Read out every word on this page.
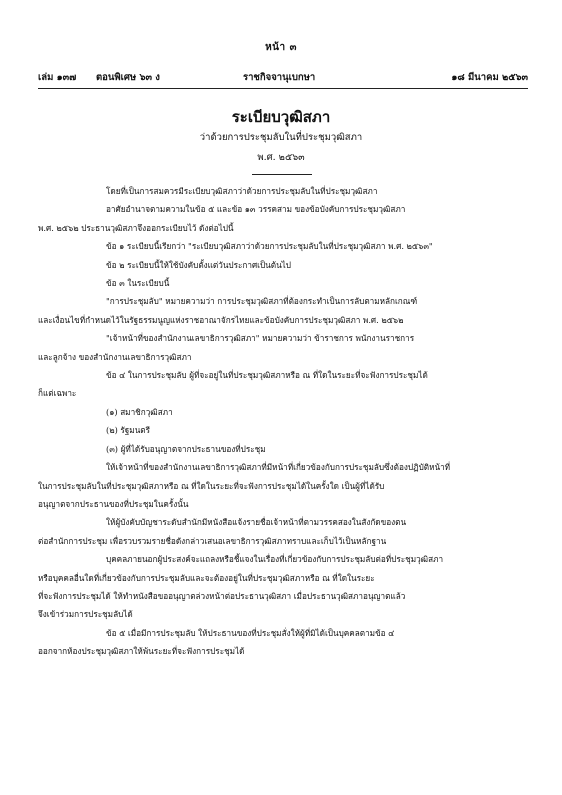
หน้า ๓
เล่ม ๑๓๗ ตอนพิเศษ ๖๓ ง	ราชกิจจานุเบกษา	๑๘ มีนาคม ๒๕๖๓
ระเบียบวุฒิสภา
ว่าด้วยการประชุมลับในที่ประชุมวุฒิสภา
พ.ศ. ๒๕๖๓
โดยที่เป็นการสมควรมีระเบียบวุฒิสภาว่าด้วยการประชุมลับในที่ประชุมวุฒิสภา
อาศัยอำนาจตามความในข้อ ๕ และข้อ ๑๓ วรรคสาม ของข้อบังคับการประชุมวุฒิสภา
พ.ศ. ๒๕๖๒ ประธานวุฒิสภาจึงออกระเบียบไว้ ดังต่อไปนี้
ข้อ ๑ ระเบียบนี้เรียกว่า "ระเบียบวุฒิสภาว่าด้วยการประชุมลับในที่ประชุมวุฒิสภา พ.ศ. ๒๕๖๓"
ข้อ ๒ ระเบียบนี้ให้ใช้บังคับตั้งแต่วันประกาศเป็นต้นไป
ข้อ ๓ ในระเบียบนี้
"การประชุมลับ" หมายความว่า การประชุมวุฒิสภาที่ต้องกระทำเป็นการลับตามหลักเกณฑ์
และเงื่อนไขที่กำหนดไว้ในรัฐธรรมนูญแห่งราชอาณาจักรไทยและข้อบังคับการประชุมวุฒิสภา พ.ศ. ๒๕๖๒
"เจ้าหน้าที่ของสำนักงานเลขาธิการวุฒิสภา" หมายความว่า ข้าราชการ พนักงานราชการ
และลูกจ้าง ของสำนักงานเลขาธิการวุฒิสภา
ข้อ ๔ ในการประชุมลับ ผู้ที่จะอยู่ในที่ประชุมวุฒิสภาหรือ ณ ที่ใดในระยะที่จะฟังการประชุมได้
ก็แต่เฉพาะ
(๑) สมาชิกวุฒิสภา
(๒) รัฐมนตรี
(๓) ผู้ที่ได้รับอนุญาตจากประธานของที่ประชุม
ให้เจ้าหน้าที่ของสำนักงานเลขาธิการวุฒิสภาที่มีหน้าที่เกี่ยวข้องกับการประชุมลับซึ่งต้องปฏิบัติหน้าที่
ในการประชุมลับในที่ประชุมวุฒิสภาหรือ ณ ที่ใดในระยะที่จะฟังการประชุมได้ในครั้งใด เป็นผู้ที่ได้รับ
อนุญาตจากประธานของที่ประชุมในครั้งนั้น
ให้ผู้บังคับบัญชาระดับสำนักมีหนังสือแจ้งรายชื่อเจ้าหน้าที่ตามวรรคสองในสังกัดของตน
ต่อสำนักการประชุม เพื่อรวบรวมรายชื่อดังกล่าวเสนอเลขาธิการวุฒิสภาทราบและเก็บไว้เป็นหลักฐาน
บุคคลภายนอกผู้ประสงค์จะแถลงหรือชี้แจงในเรื่องที่เกี่ยวข้องกับการประชุมลับต่อที่ประชุมวุฒิสภา
หรือบุคคลอื่นใดที่เกี่ยวข้องกับการประชุมลับและจะต้องอยู่ในที่ประชุมวุฒิสภาหรือ ณ ที่ใดในระยะ
ที่จะฟังการประชุมได้ ให้ทำหนังสือขออนุญาตล่วงหน้าต่อประธานวุฒิสภา เมื่อประธานวุฒิสภาอนุญาตแล้ว
จึงเข้าร่วมการประชุมลับได้
ข้อ ๕ เมื่อมีการประชุมลับ ให้ประธานของที่ประชุมสั่งให้ผู้ที่มิได้เป็นบุคคลตามข้อ ๔
ออกจากห้องประชุมวุฒิสภาให้พ้นระยะที่จะฟังการประชุมได้
